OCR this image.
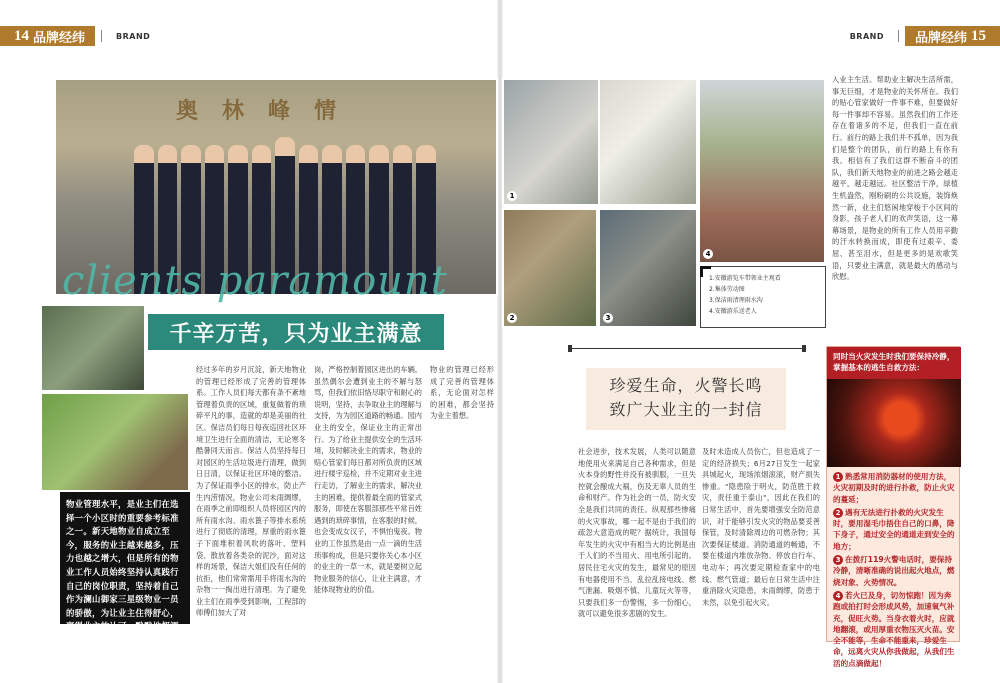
14 品牌经纬	BRAND	BRAND	品牌经纬 15
奥林峰情
clients paramount
千辛万苦，只为业主满意
物业管理水平，是业主们在选择一个小区时的重要参考标准之一。新天地物业自成立至今，服务的业主越来越多，压力也越之增大，但是所有的物业工作人员始终坚持认真践行自己的岗位职责，坚持着自己作为澜山御家三星级物业一员的骄傲，为让业主住得舒心，赢得业主的认可，默默地挥洒着汗水。
经过多年的岁月沉淀，新天地物业的管理已经形成了完善的管理体系。工作人员们每天都有条不紊地管理着负责的区域，重复做着的琐碎平凡的事，造就的却是美丽的社区。保洁员们每日每夜巡回社区环境卫生进行全面的清洁，无论寒冬酷暑同天而言。保洁人员坚持每日对园区的生活垃圾进行清理，做到日日清，以保证社区环境的整洁。为了保证雨季小区的排水，防止产生内涝情况，物业公司未雨绸缪，在雨季之前即组织人员将园区内的所有雨水沟、雨水篦子等排水系统进行了彻底的清理，厚重的雨水篦子下面堆积着风吹的落叶、塑料袋、散放着各类杂的泥沙，面对这样的场景，保洁大姐们没有任何的抗拒，他们常常需用手将雨水沟的杂物一一掏出进行清理。为了避免业主们在雨季受到影响，工程部的师傅们加大了对
岗，严格控制着园区进出的车辆。虽然偶尔会遭到业主的不解与怒骂，但我们依旧恪尽职守和耐心的说明，坚持，去争取业主的理解与支持，为为园区道路的畅通。园内业主的安全，保证业主的正常出行。为了给业主提供安全的生活环境，及时解决业主的需求，物业的赔心管家们每日都对所负责的区域进行楼宇巡检，并不定期对业主进行走访，了解业主的需求，解决业主的困难，提供着最全面的管家式服务，即使在客服部那些平常百姓遇到的琐碎事情，在客服的时候，也会变成女汉子，不惧怕鬼夜。物业的工作虽然是由一点一滴的生活琐事构成，但是只要你关心本小区的业主的一草一木，就是要树立起物业服务的信心，让业主满意，才能体现物业的价值。
物业的管理已经形成了完善的管理体系，无论面对怎样的困难，都会坚持为业主着想。
1
4
2	3
1.安徽游览车带领业主观看
2.集体劳动图
3.保洁雨清理雨水沟
4.安徽游乐送老人
入业主生活。帮助业主解决生活所需，事无巨细，才是物业的关怀所在。我们的贴心管家做好一件事不难，但要做好每一件事却不容易。虽然我们的工作还存在着诸多的不足，但我们一直在前行。前行的路上我们并不孤单，因为我们是整个的团队，前行的路上有你有我。相信有了我们这群不断奋斗的团队，我们新天地物业的前进之路会越走越平，越走越远。社区整洁干净，绿植生机盎然，刚粉刷的公共设施，装饰焕然一新，业主们悠闲地穿梭于小区间的身影，孩子老人们的欢声笑语，这一幕幕场景，是物业的所有工作人员用辛勤的汗水转换而成，即使有过艰辛、委屈、甚至泪水，但是更多的是欢歌笑语，只要业主满意，就是最大的感动与欣慰。
珍爱生命，火警长鸣
致广大业主的一封信
社会进步，技术发展，人类可以随意地使用火来满足自己各种需求，但是火本身的野性并没有被驯服，一旦失控就会酿成大祸，伤及无辜人员的生命和财产。作为社会的一员，防火安全是我们共同的责任。纵观那些惨痛的火灾事故，哪一起不是由于我们的疏忽大意造成的呢？据统计，我国每年发生的火灾中有相当大的比例是由于人们的不当用火、用电所引起的。居民住宅火灾的发生，最常见的原因有电器使用不当、乱拉乱接电线、燃气泄漏、吸烟不慎、儿童玩火等等，只要我们多一份警惕，多一份细心，就可以避免很多悲剧的发生。
及时未造成人员伤亡，但也造成了一定的经济损失；6月27日发生一起家具城起火，现场浓烟滚滚，财产损失惨重。"隐患险于明火，防范胜于救灾，责任重于泰山"，因此在我们的日常生活中，首先要增强安全防范意识，对于能够引发火灾的物品要妥善保管，及时清除周边的可燃杂物；其次要保证楼道、消防通道的畅通，不要在楼道内堆放杂物、停放自行车、电动车；再次要定期检查家中的电线、燃气管道；最后在日常生活中注重消除火灾隐患，未雨绸缪，防患于未然，以免引起火灾。
同时当火灾发生时我们要保持冷静，掌握基本的逃生自救方法：

1 熟悉常用消防器材的使用方法，火灾初期及时的进行扑救，防止火灾的蔓延；

2 遇有无法进行扑救的火灾发生时，要用湿毛巾捂住自己的口鼻，降下身子，通过安全的通道走到安全的地方；

3 在拨打119火警电话时，要保持冷静，清晰准确的说出起火地点，燃烧对象、火势情况。

4 若火已及身，切勿惊跑！因为奔跑或拍打时会形成风势，加速氧气补充，促旺火势。当身衣着火时，应就地翻滚，或用厚重衣物压灭火苗。安全不能等，生命不能重来，珍爱生命，远离火灾从你我做起，从我们生活的点滴做起！
